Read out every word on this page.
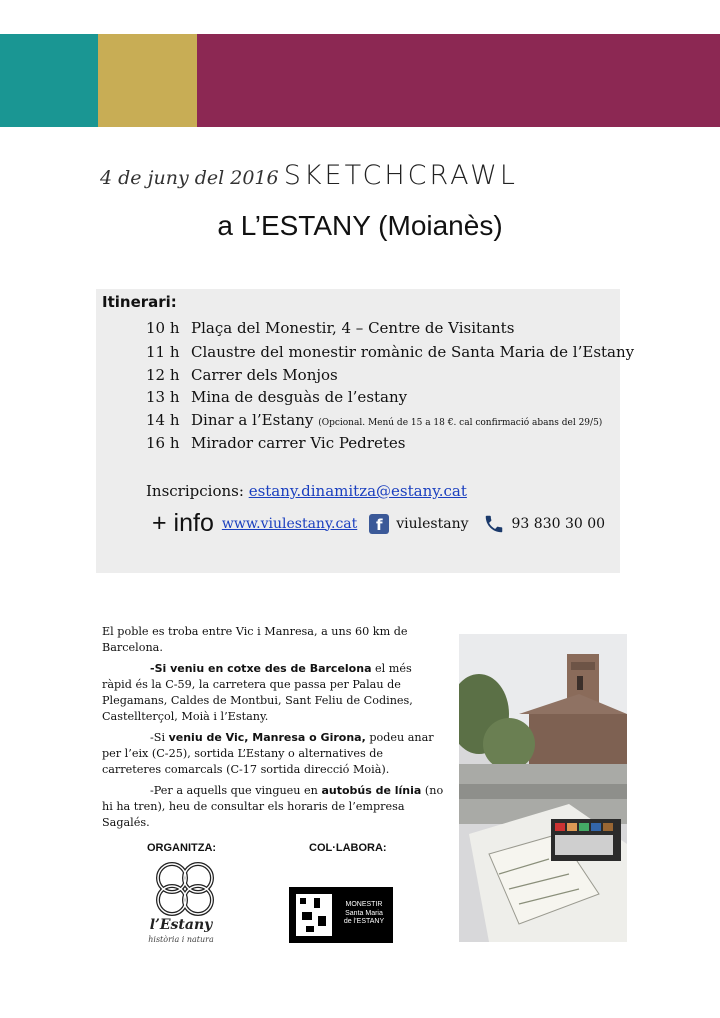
4 de juny del 2016 SKETCHCRAWL
a L’ESTANY (Moianès)
Itinerari:
10 h Plaça del Monestir, 4 – Centre de Visitants
11 h Claustre del monestir romànic de Santa Maria de l’Estany
12 h Carrer dels Monjos
13 h Mina de desguàs de l’estany
14 h Dinar a l’Estany (Opcional. Menú de 15 a 18 €. cal confirmació abans del 29/5)
16 h Mirador carrer Vic Pedretes
Inscripcions: estany.dinamitza@estany.cat
+ info www.viulestany.cat	f viulestany	93 830 30 00

El poble es troba entre Vic i Manresa, a uns 60 km de Barcelona.

-Si veniu en cotxe des de Barcelona el més ràpid és la C-59, la carretera que passa per Palau de Plegamans, Caldes de Montbui, Sant Feliu de Codines, Castellterçol, Moià i l’Estany.

-Si veniu de Vic, Manresa o Girona, podeu anar per l’eix (C-25), sortida L’Estany o alternatives de carreteres comarcals (C-17 sortida direcció Moià).

-Per a aquells que vingueu en autobús de línia (no hi ha tren), heu de consultar els horaris de l’empresa Sagalés.

ORGANITZA:	COL·LABORA:
l’Estany
història i natura
MONESTIR
Santa Maria
de l’ESTANY
